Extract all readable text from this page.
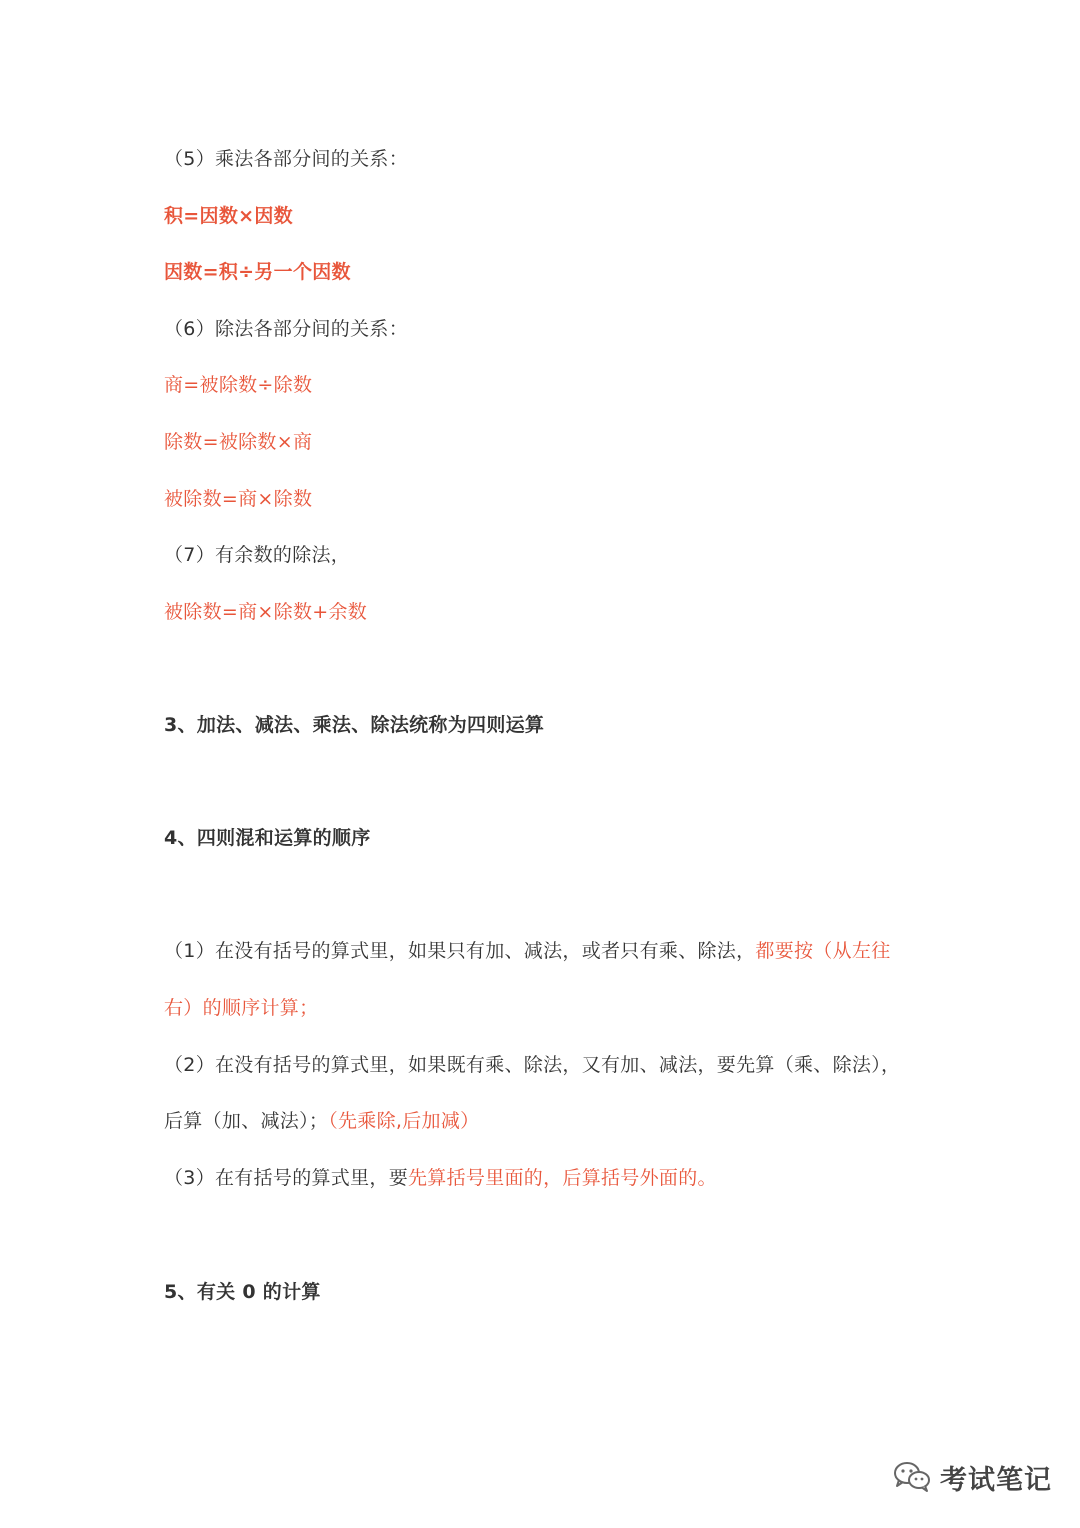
（5）乘法各部分间的关系：
积=因数×因数
因数=积÷另一个因数
（6）除法各部分间的关系：
商=被除数÷除数
除数=被除数×商
被除数=商×除数
（7）有余数的除法，
被除数=商×除数+余数
3、加法、减法、乘法、除法统称为四则运算
4、四则混和运算的顺序
（1）在没有括号的算式里，如果只有加、减法，或者只有乘、除法，都要按（从左往
右）的顺序计算；
（2）在没有括号的算式里，如果既有乘、除法，又有加、减法，要先算（乘、除法），
后算（加、减法）；（先乘除,后加减）
（3）在有括号的算式里，要先算括号里面的，后算括号外面的。
5、有关 0 的计算
考试笔记
